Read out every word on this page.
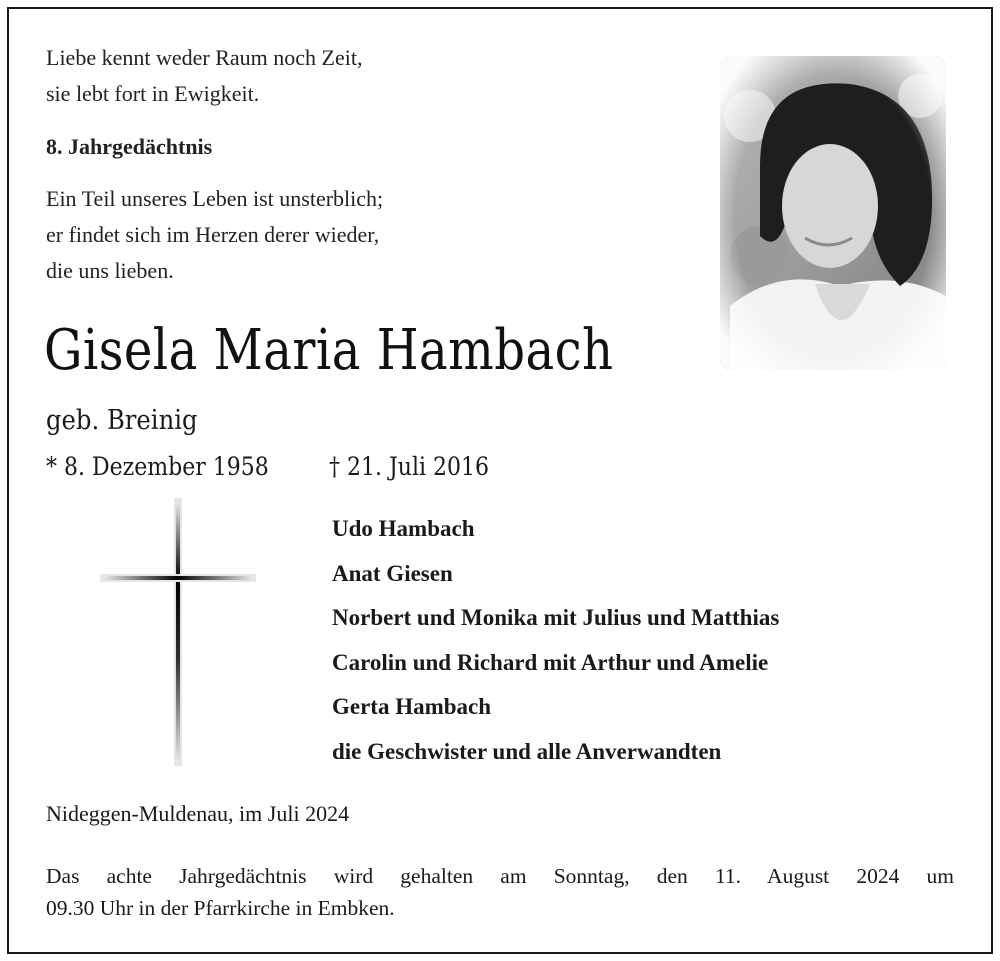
Liebe kennt weder Raum noch Zeit,
sie lebt fort in Ewigkeit.
8. Jahrgedächtnis
Ein Teil unseres Leben ist unsterblich;
er findet sich im Herzen derer wieder,
die uns lieben.
Gisela Maria Hambach
geb. Breinig
* 8. Dezember 1958 † 21. Juli 2016
Udo Hambach
Anat Giesen
Norbert und Monika mit Julius und Matthias
Carolin und Richard mit Arthur und Amelie
Gerta Hambach
die Geschwister und alle Anverwandten
Nideggen-Muldenau, im Juli 2024
Das achte Jahrgedächtnis wird gehalten am Sonntag, den 11. August 2024 um
09.30 Uhr in der Pfarrkirche in Embken.
